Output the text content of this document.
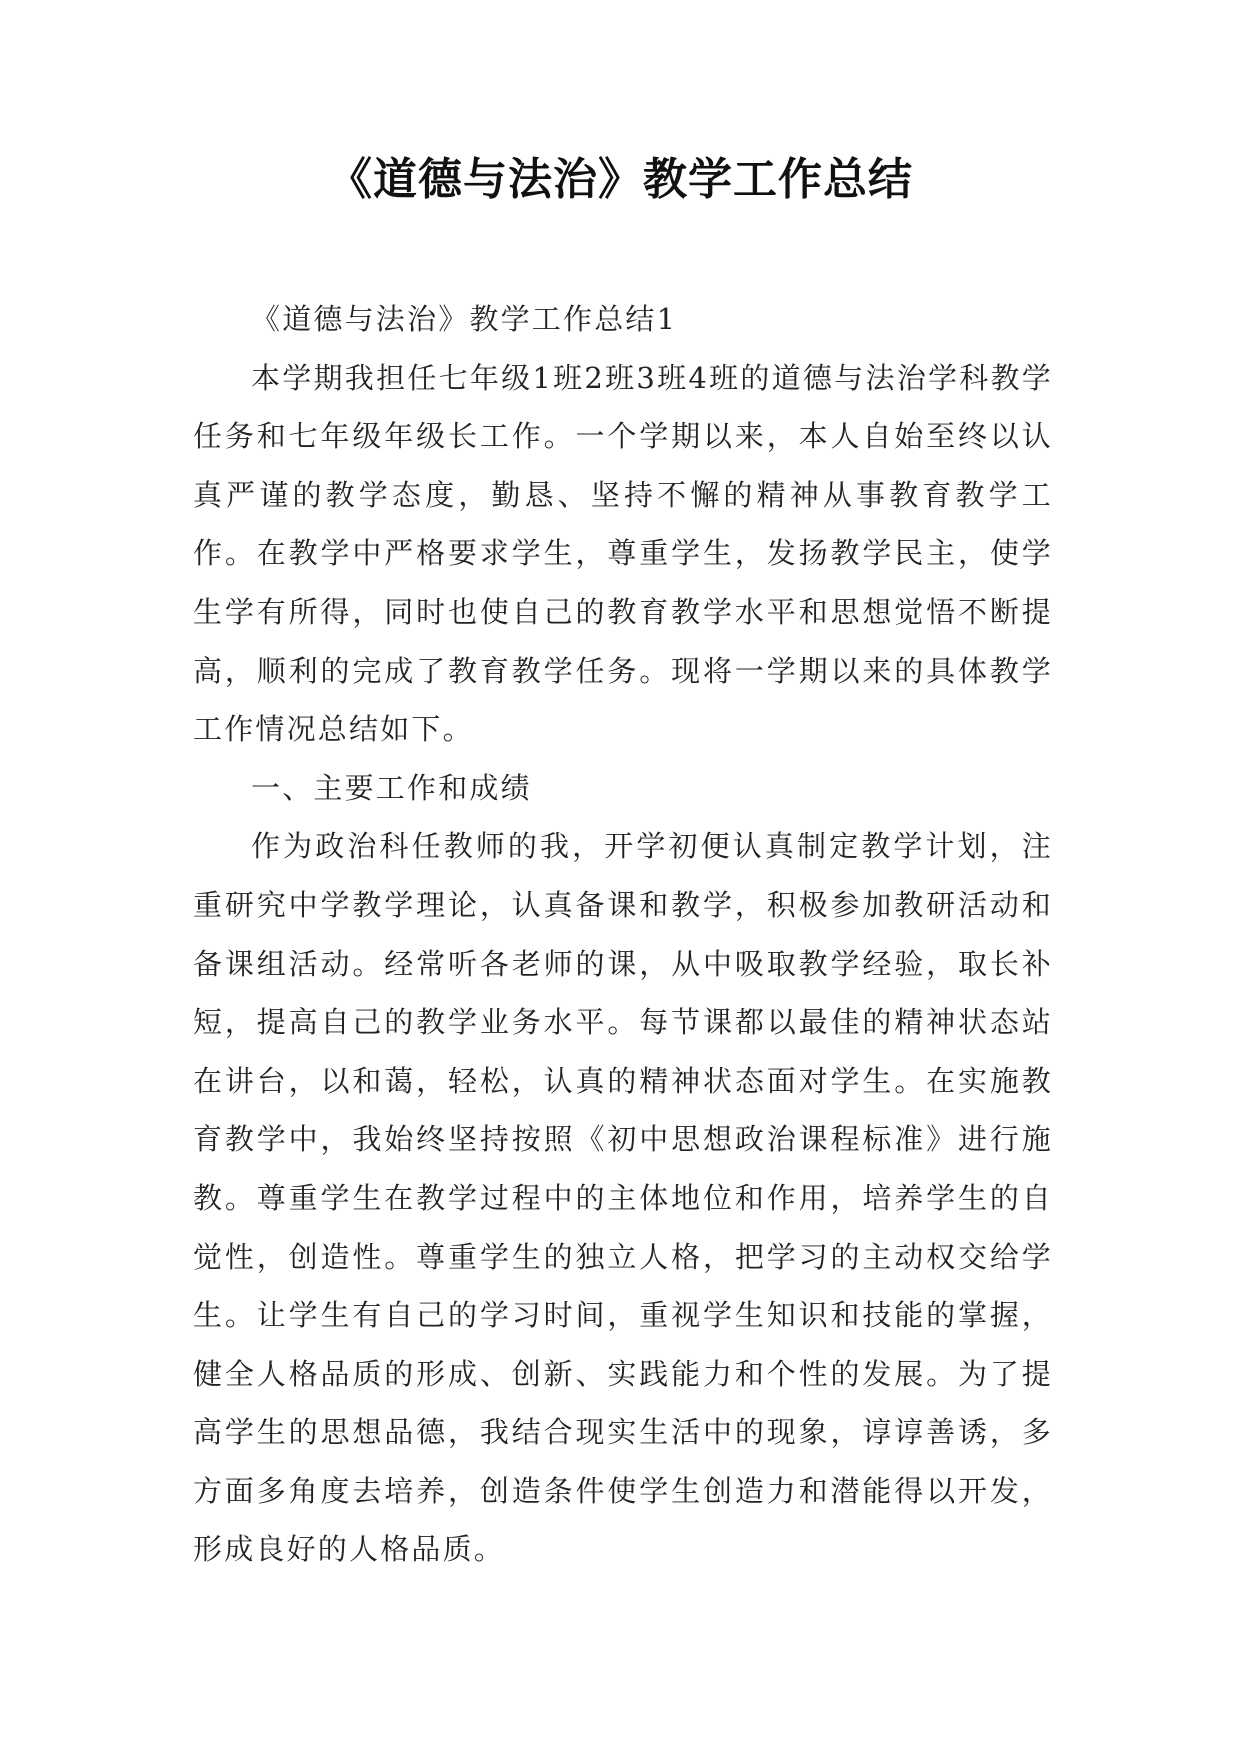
《道德与法治》教学工作总结

《道德与法治》教学工作总结1

本学期我担任七年级1班2班3班4班的道德与法治学科教学任务和七年级年级长工作。一个学期以来，本人自始至终以认真严谨的教学态度，勤恳、坚持不懈的精神从事教育教学工作。在教学中严格要求学生，尊重学生，发扬教学民主，使学生学有所得，同时也使自己的教育教学水平和思想觉悟不断提高，顺利的完成了教育教学任务。现将一学期以来的具体教学工作情况总结如下。

一、主要工作和成绩

作为政治科任教师的我，开学初便认真制定教学计划，注重研究中学教学理论，认真备课和教学，积极参加教研活动和备课组活动。经常听各老师的课，从中吸取教学经验，取长补短，提高自己的教学业务水平。每节课都以最佳的精神状态站在讲台，以和蔼，轻松，认真的精神状态面对学生。在实施教育教学中，我始终坚持按照《初中思想政治课程标准》进行施教。尊重学生在教学过程中的主体地位和作用，培养学生的自觉性，创造性。尊重学生的独立人格，把学习的主动权交给学生。让学生有自己的学习时间，重视学生知识和技能的掌握，健全人格品质的形成、创新、实践能力和个性的发展。为了提高学生的思想品德，我结合现实生活中的现象，谆谆善诱，多方面多角度去培养，创造条件使学生创造力和潜能得以开发，形成良好的人格品质。
